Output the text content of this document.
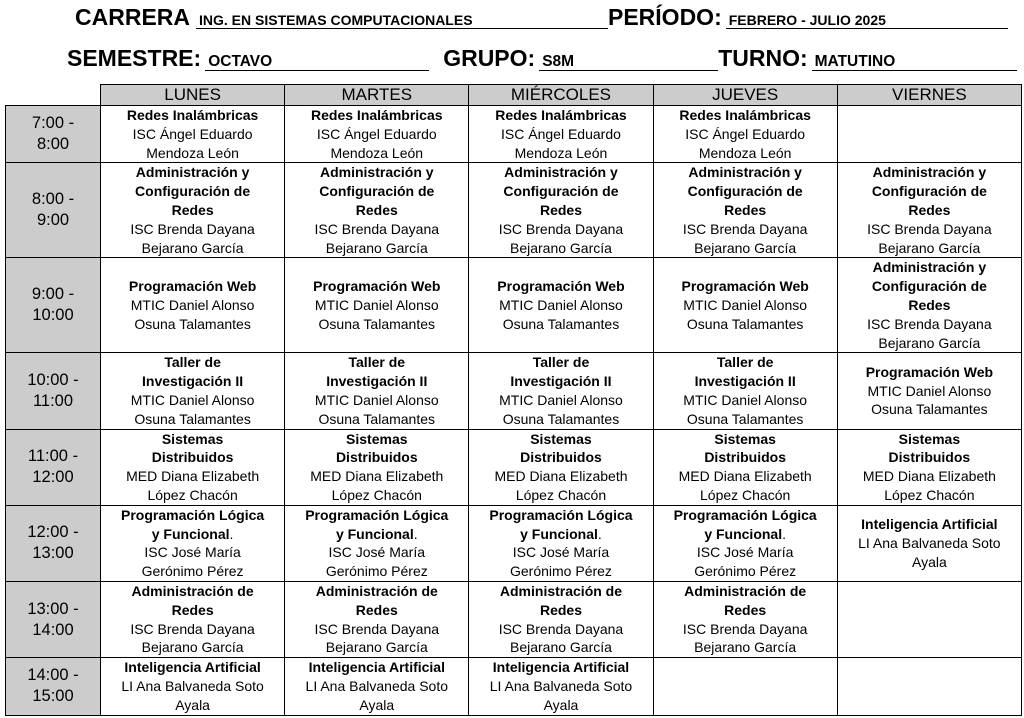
CARRERA ING. EN SISTEMAS COMPUTACIONALES	PERÍODO: FEBRERO - JULIO 2025
SEMESTRE: OCTAVO	GRUPO: S8M	TURNO: MATUTINO
	LUNES	MARTES	MIÉRCOLES	JUEVES	VIERNES

7:00 -
8:00	Redes Inalámbricas
ISC Ángel Eduardo
Mendoza León	Redes Inalámbricas
ISC Ángel Eduardo
Mendoza León	Redes Inalámbricas
ISC Ángel Eduardo
Mendoza León	Redes Inalámbricas
ISC Ángel Eduardo
Mendoza León	

8:00 -
9:00	Administración y
Configuración de
Redes
ISC Brenda Dayana
Bejarano García	Administración y
Configuración de
Redes
ISC Brenda Dayana
Bejarano García	Administración y
Configuración de
Redes
ISC Brenda Dayana
Bejarano García	Administración y
Configuración de
Redes
ISC Brenda Dayana
Bejarano García	Administración y
Configuración de
Redes
ISC Brenda Dayana
Bejarano García

9:00 -
10:00	Programación Web
MTIC Daniel Alonso
Osuna Talamantes	Programación Web
MTIC Daniel Alonso
Osuna Talamantes	Programación Web
MTIC Daniel Alonso
Osuna Talamantes	Programación Web
MTIC Daniel Alonso
Osuna Talamantes	Administración y
Configuración de
Redes
ISC Brenda Dayana
Bejarano García

10:00 -
11:00	Taller de
Investigación II
MTIC Daniel Alonso
Osuna Talamantes	Taller de
Investigación II
MTIC Daniel Alonso
Osuna Talamantes	Taller de
Investigación II
MTIC Daniel Alonso
Osuna Talamantes	Taller de
Investigación II
MTIC Daniel Alonso
Osuna Talamantes	Programación Web
MTIC Daniel Alonso
Osuna Talamantes

11:00 -
12:00	Sistemas
Distribuidos
MED Diana Elizabeth
López Chacón	Sistemas
Distribuidos
MED Diana Elizabeth
López Chacón	Sistemas
Distribuidos
MED Diana Elizabeth
López Chacón	Sistemas
Distribuidos
MED Diana Elizabeth
López Chacón	Sistemas
Distribuidos
MED Diana Elizabeth
López Chacón

12:00 -
13:00	Programación Lógica
y Funcional.
ISC José María
Gerónimo Pérez	Programación Lógica
y Funcional.
ISC José María
Gerónimo Pérez	Programación Lógica
y Funcional.
ISC José María
Gerónimo Pérez	Programación Lógica
y Funcional.
ISC José María
Gerónimo Pérez	Inteligencia Artificial
LI Ana Balvaneda Soto
Ayala

13:00 -
14:00	Administración de
Redes
ISC Brenda Dayana
Bejarano García	Administración de
Redes
ISC Brenda Dayana
Bejarano García	Administración de
Redes
ISC Brenda Dayana
Bejarano García	Administración de
Redes
ISC Brenda Dayana
Bejarano García	

14:00 -
15:00	Inteligencia Artificial
LI Ana Balvaneda Soto
Ayala	Inteligencia Artificial
LI Ana Balvaneda Soto
Ayala	Inteligencia Artificial
LI Ana Balvaneda Soto
Ayala		
